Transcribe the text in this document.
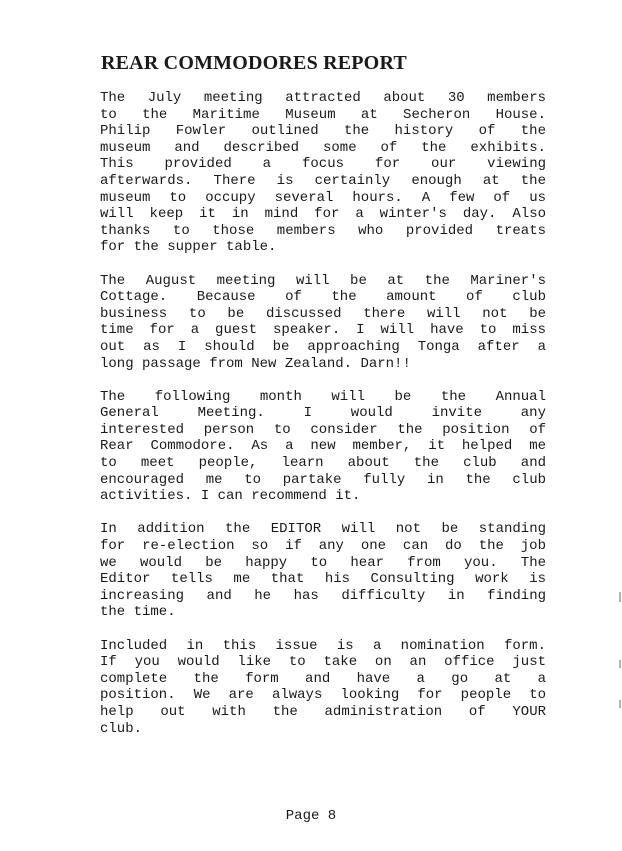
REAR COMMODORES REPORT

The July meeting attracted about 30 members
to the Maritime Museum at Secheron House.
Philip Fowler outlined the history of the
museum and described some of the exhibits.
This provided a focus for our viewing
afterwards. There is certainly enough at the
museum to occupy several hours. A few of us
will keep it in mind for a winter's day. Also
thanks to those members who provided treats
for the supper table.

The August meeting will be at the Mariner's
Cottage. Because of the amount of club
business to be discussed there will not be
time for a guest speaker. I will have to miss
out as I should be approaching Tonga after a
long passage from New Zealand. Darn!!

The following month will be the Annual
General Meeting. I would invite any
interested person to consider the position of
Rear Commodore. As a new member, it helped me
to meet people, learn about the club and
encouraged me to partake fully in the club
activities. I can recommend it.

In addition the EDITOR will not be standing
for re-election so if any one can do the job
we would be happy to hear from you. The
Editor tells me that his Consulting work is
increasing and he has difficulty in finding
the time.

Included in this issue is a nomination form.
If you would like to take on an office just
complete the form and have a go at a
position. We are always looking for people to
help out with the administration of YOUR
club.

Page 8
